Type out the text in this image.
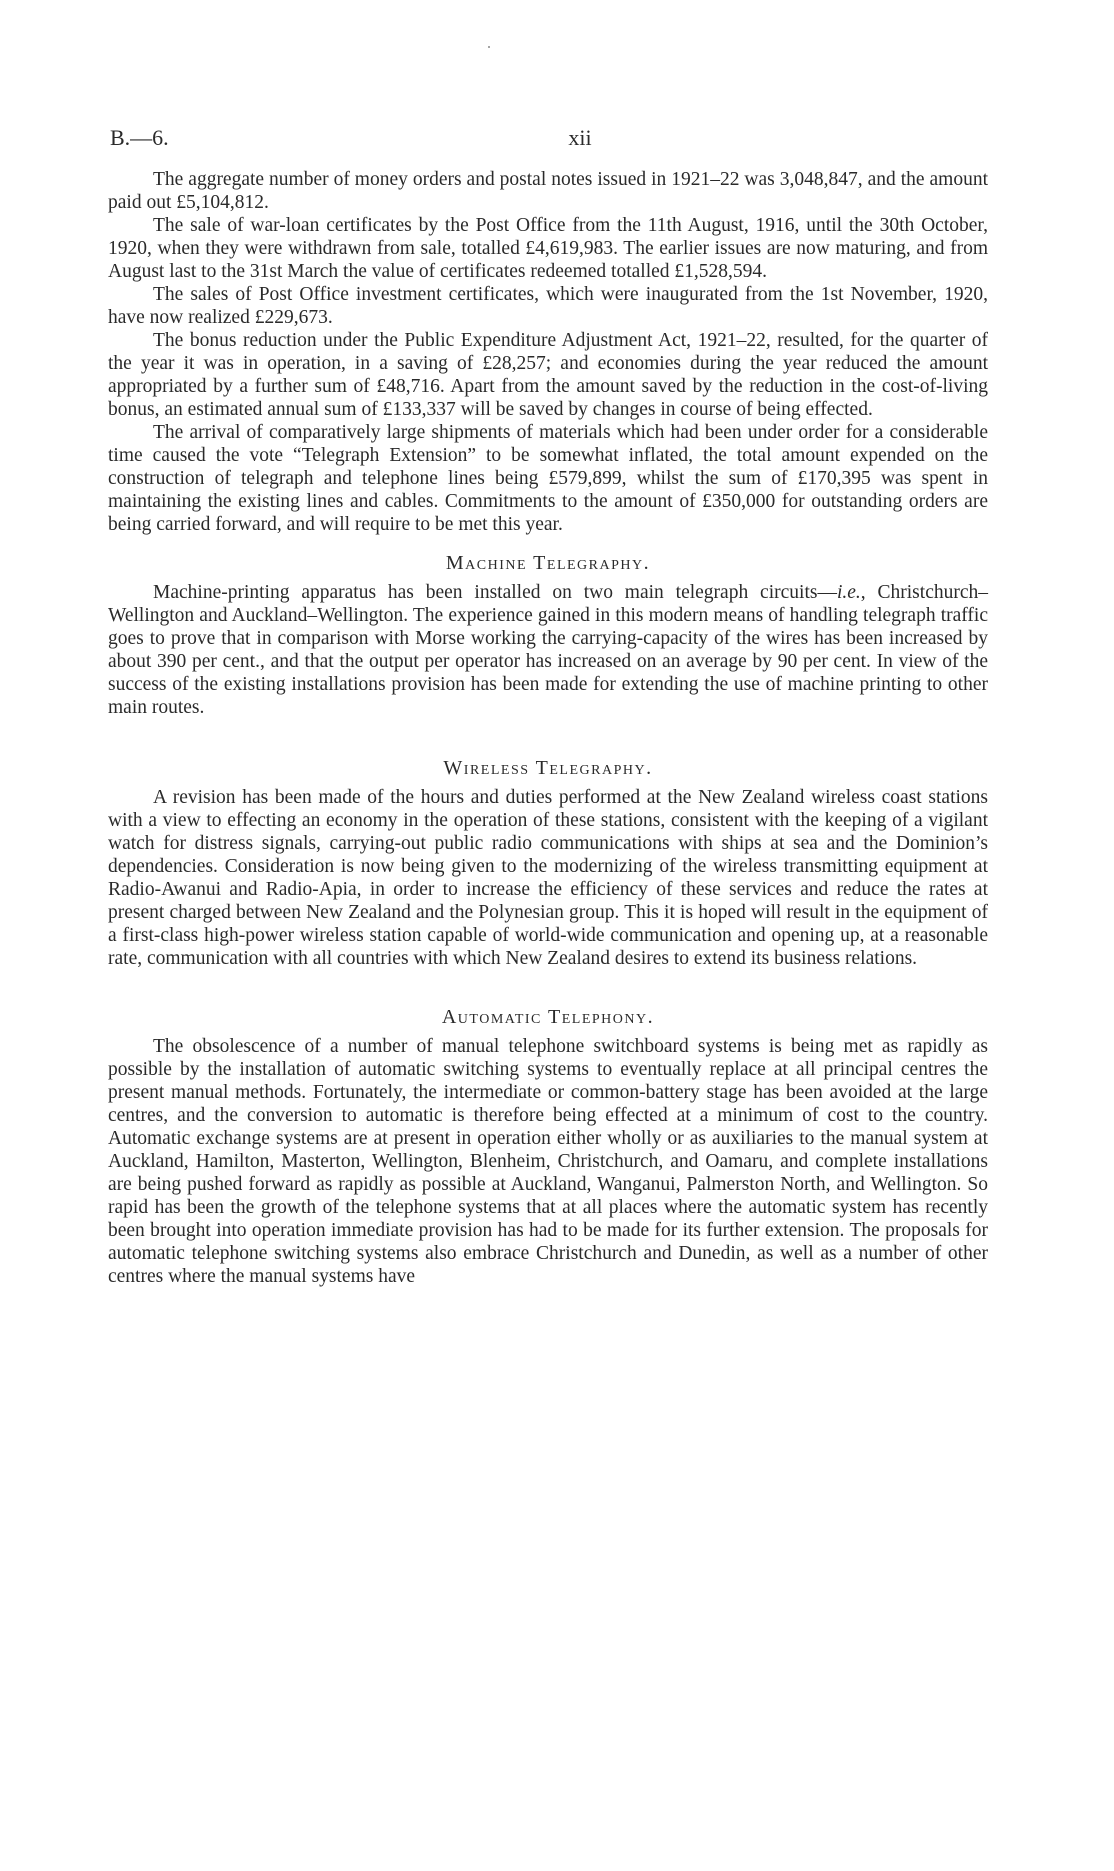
B.—6.	xii

The aggregate number of money orders and postal notes issued in 1921–22 was 3,048,847, and the amount paid out £5,104,812.

The sale of war-loan certificates by the Post Office from the 11th August, 1916, until the 30th October, 1920, when they were withdrawn from sale, totalled £4,619,983. The earlier issues are now maturing, and from August last to the 31st March the value of certificates redeemed totalled £1,528,594.

The sales of Post Office investment certificates, which were inaugurated from the 1st November, 1920, have now realized £229,673.

The bonus reduction under the Public Expenditure Adjustment Act, 1921–22, resulted, for the quarter of the year it was in operation, in a saving of £28,257; and economies during the year reduced the amount appropriated by a further sum of £48,716. Apart from the amount saved by the reduction in the cost-of-living bonus, an estimated annual sum of £133,337 will be saved by changes in course of being effected.

The arrival of comparatively large shipments of materials which had been under order for a considerable time caused the vote “Telegraph Extension” to be somewhat inflated, the total amount expended on the construction of telegraph and telephone lines being £579,899, whilst the sum of £170,395 was spent in maintaining the existing lines and cables. Commitments to the amount of £350,000 for outstanding orders are being carried forward, and will require to be met this year.

Machine Telegraphy.

Machine-printing apparatus has been installed on two main telegraph circuits—i.e., Christchurch–Wellington and Auckland–Wellington. The experience gained in this modern means of handling telegraph traffic goes to prove that in comparison with Morse working the carrying-capacity of the wires has been increased by about 390 per cent., and that the output per operator has increased on an average by 90 per cent. In view of the success of the existing installations provision has been made for extending the use of machine printing to other main routes.

Wireless Telegraphy.

A revision has been made of the hours and duties performed at the New Zealand wireless coast stations with a view to effecting an economy in the operation of these stations, consistent with the keeping of a vigilant watch for distress signals, carrying-out public radio communications with ships at sea and the Dominion’s dependencies. Consideration is now being given to the modernizing of the wireless transmitting equipment at Radio-Awanui and Radio-Apia, in order to increase the efficiency of these services and reduce the rates at present charged between New Zealand and the Polynesian group. This it is hoped will result in the equipment of a first-class high-power wireless station capable of world-wide communication and opening up, at a reasonable rate, communication with all countries with which New Zealand desires to extend its business relations.

Automatic Telephony.

The obsolescence of a number of manual telephone switchboard systems is being met as rapidly as possible by the installation of automatic switching systems to eventually replace at all principal centres the present manual methods. Fortunately, the intermediate or common-battery stage has been avoided at the large centres, and the conversion to automatic is therefore being effected at a minimum of cost to the country. Automatic exchange systems are at present in operation either wholly or as auxiliaries to the manual system at Auckland, Hamilton, Masterton, Wellington, Blenheim, Christchurch, and Oamaru, and complete installations are being pushed forward as rapidly as possible at Auckland, Wanganui, Palmerston North, and Wellington. So rapid has been the growth of the telephone systems that at all places where the automatic system has recently been brought into operation immediate provision has had to be made for its further extension. The proposals for automatic telephone switching systems also embrace Christchurch and Dunedin, as well as a number of other centres where the manual systems have
